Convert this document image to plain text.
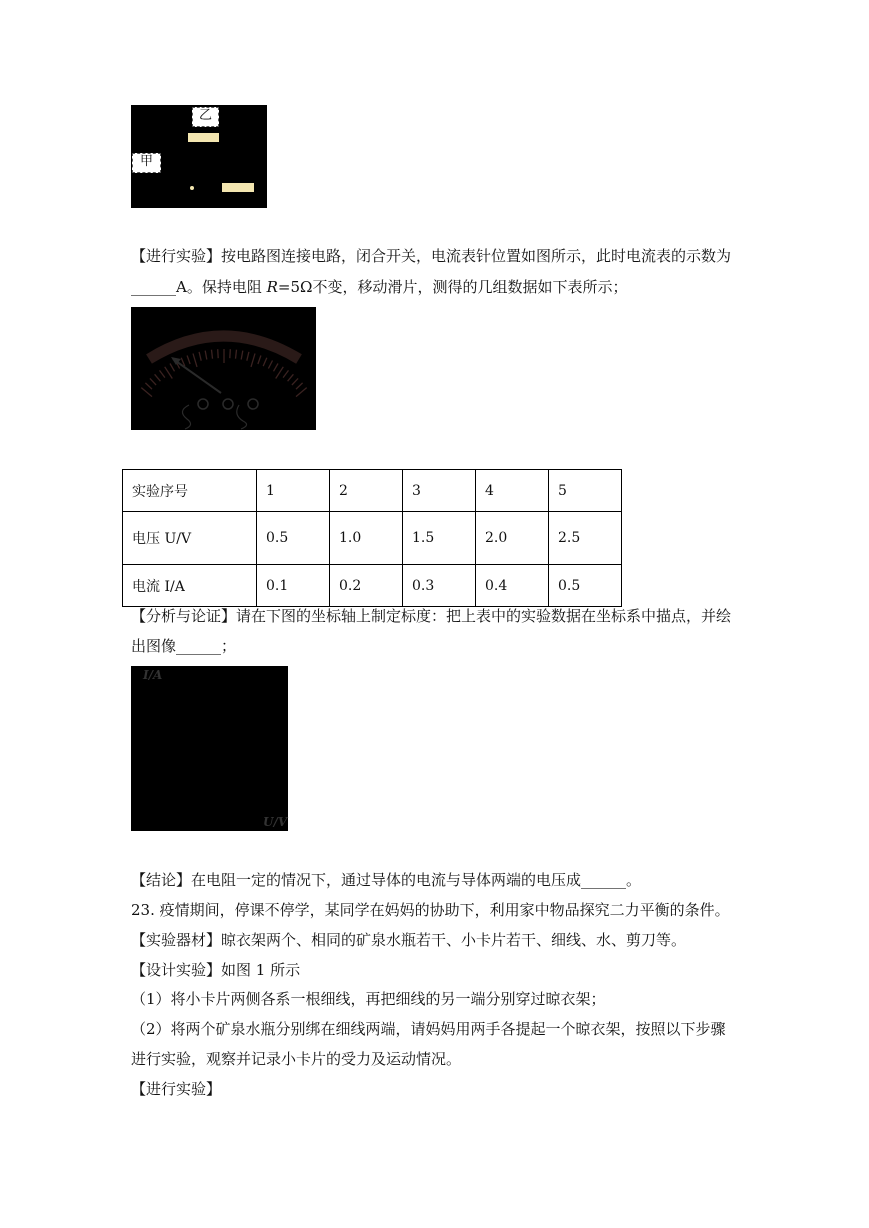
乙
甲
【进行实验】按电路图连接电路，闭合开关，电流表针位置如图所示，此时电流表的示数为
______A。保持电阻 R=5Ω不变，移动滑片，测得的几组数据如下表所示；
实验序号	1	2	3	4	5
电压 U/V	0.5	1.0	1.5	2.0	2.5
电流 I/A	0.1	0.2	0.3	0.4	0.5
【分析与论证】请在下图的坐标轴上制定标度：把上表中的实验数据在坐标系中描点，并绘
出图像______；
I/A
U/V
【结论】在电阻一定的情况下，通过导体的电流与导体两端的电压成______。
23. 疫情期间，停课不停学，某同学在妈妈的协助下，利用家中物品探究二力平衡的条件。
【实验器材】晾衣架两个、相同的矿泉水瓶若干、小卡片若干、细线、水、剪刀等。
【设计实验】如图 1 所示
（1）将小卡片两侧各系一根细线，再把细线的另一端分别穿过晾衣架；
（2）将两个矿泉水瓶分别绑在细线两端，请妈妈用两手各提起一个晾衣架，按照以下步骤
进行实验，观察并记录小卡片的受力及运动情况。
【进行实验】
